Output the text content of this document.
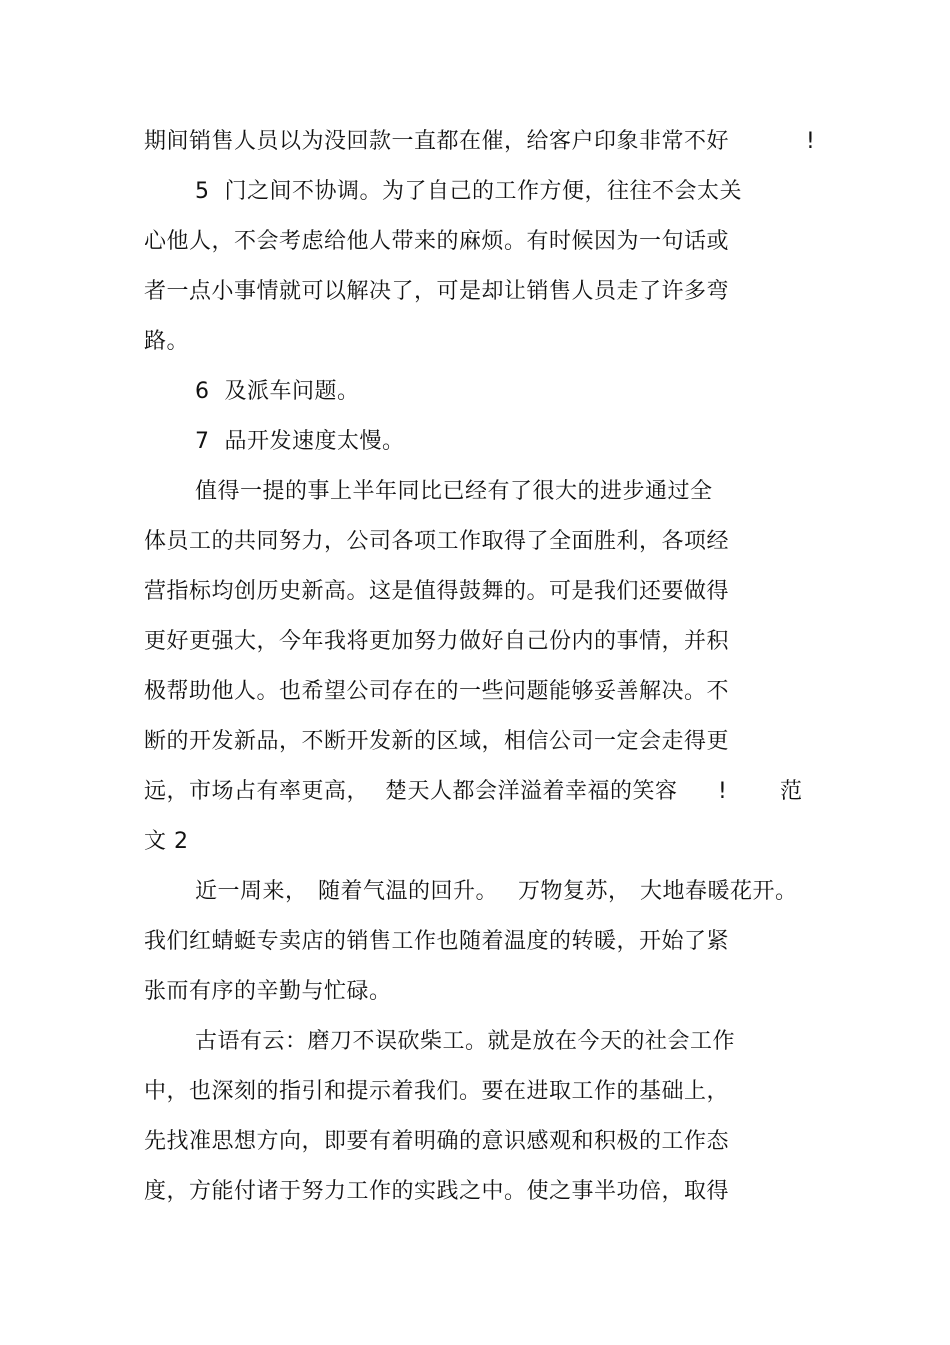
期间销售人员以为没回款一直都在催，给客户印象非常不好	!
5  门之间不协调。为了自己的工作方便，往往不会太关
心他人，不会考虑给他人带来的麻烦。有时候因为一句话或
者一点小事情就可以解决了，可是却让销售人员走了许多弯
路。
6  及派车问题。
7  品开发速度太慢。
值得一提的事上半年同比已经有了很大的进步通过全
体员工的共同努力，公司各项工作取得了全面胜利，各项经
营指标均创历史新高。这是值得鼓舞的。可是我们还要做得
更好更强大，今年我将更加努力做好自己份内的事情，并积
极帮助他人。也希望公司存在的一些问题能够妥善解决。不
断的开发新品，不断开发新的区域，相信公司一定会走得更
远，市场占有率更高， 楚天人都会洋溢着幸福的笑容 ! 范
文 2
近一周来， 随着气温的回升。 万物复苏， 大地春暖花开。
我们红蜻蜓专卖店的销售工作也随着温度的转暖，开始了紧
张而有序的辛勤与忙碌。
古语有云：磨刀不误砍柴工。就是放在今天的社会工作
中，也深刻的指引和提示着我们。要在进取工作的基础上，
先找准思想方向，即要有着明确的意识感观和积极的工作态
度，方能付诸于努力工作的实践之中。使之事半功倍，取得
